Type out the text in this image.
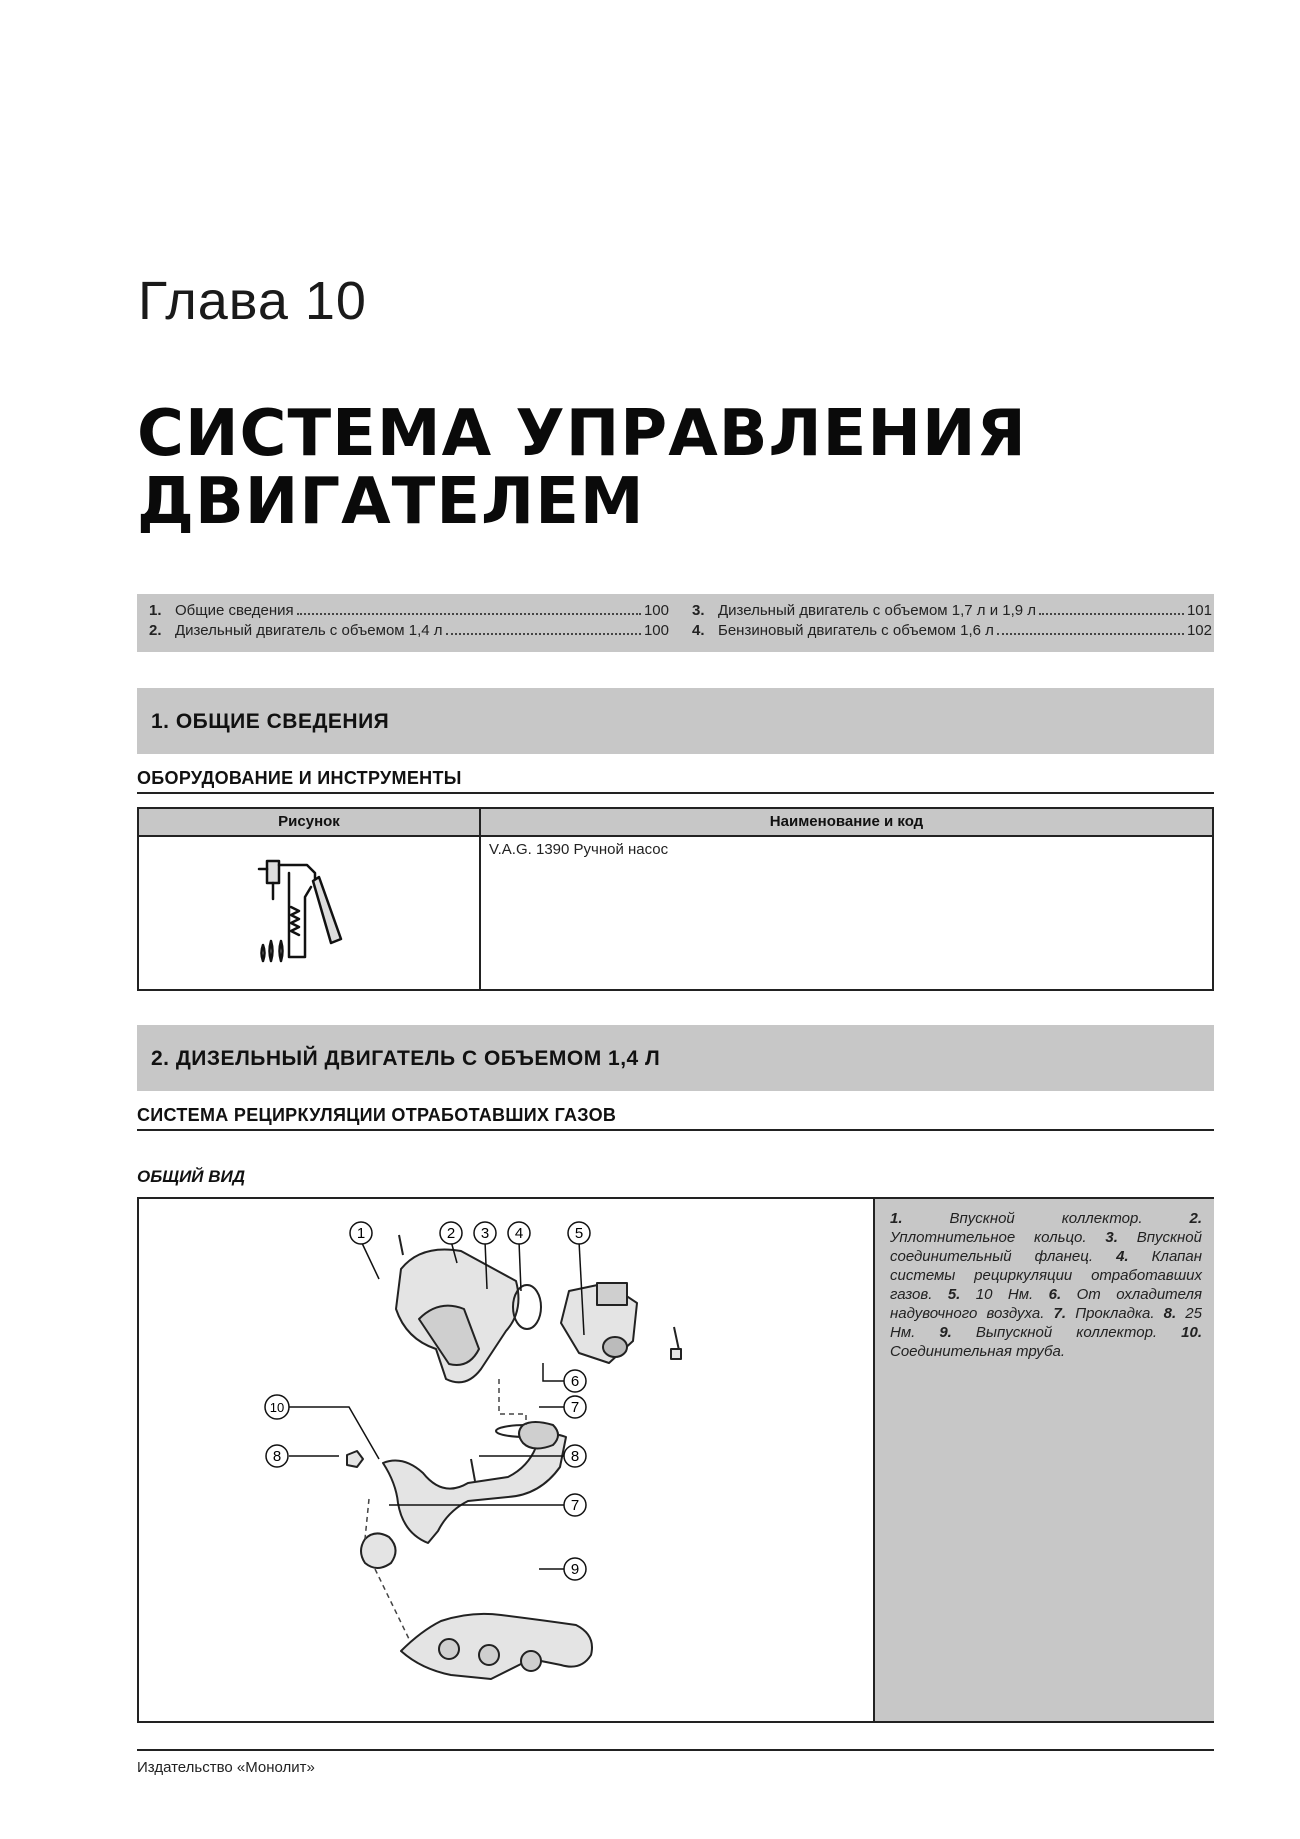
Глава 10
СИСТЕМА УПРАВЛЕНИЯ
ДВИГАТЕЛЕМ
1. Общие сведения	100
2. Дизельный двигатель с объемом 1,4 л	100
3. Дизельный двигатель с объемом 1,7 л и 1,9 л	101
4. Бензиновый двигатель с объемом 1,6 л	102
1. ОБЩИЕ СВЕДЕНИЯ
ОБОРУДОВАНИЕ И ИНСТРУМЕНТЫ
Рисунок	Наименование и код
V.A.G. 1390 Ручной насос
2. ДИЗЕЛЬНЫЙ ДВИГАТЕЛЬ С ОБЪЕМОМ 1,4 Л
СИСТЕМА РЕЦИРКУЛЯЦИИ ОТРАБОТАВШИХ ГАЗОВ
ОБЩИЙ ВИД
1	2 3 4	5
6
7
8
8
7
9
10
1. Впускной коллектор. 2. Уплотнительное кольцо. 3. Впускной соединительный фланец. 4. Клапан системы рециркуляции отработавших газов. 5. 10 Нм. 6. От охладителя надувочного воздуха. 7. Прокладка. 8. 25 Нм. 9. Выпускной коллектор. 10. Соединительная труба.
Издательство «Монолит»
